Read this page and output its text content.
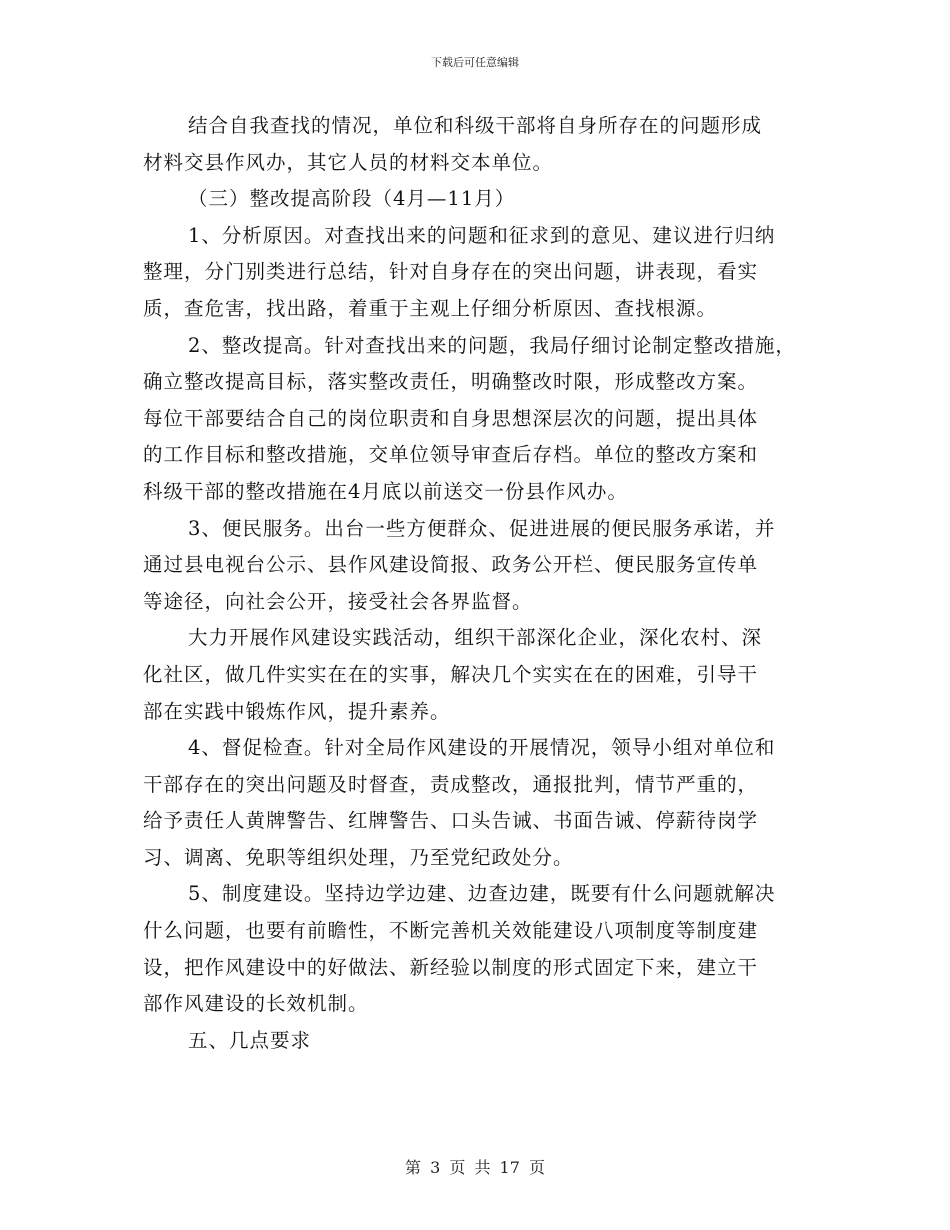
下载后可任意编辑
结合自我查找的情况，单位和科级干部将自身所存在的问题形成
材料交县作风办，其它人员的材料交本单位。
（三）整改提高阶段（4月—11月）
1、分析原因。对查找出来的问题和征求到的意见、建议进行归纳
整理，分门别类进行总结，针对自身存在的突出问题，讲表现，看实
质，查危害，找出路，着重于主观上仔细分析原因、查找根源。
2、整改提高。针对查找出来的问题，我局仔细讨论制定整改措施，
确立整改提高目标，落实整改责任，明确整改时限，形成整改方案。
每位干部要结合自己的岗位职责和自身思想深层次的问题，提出具体
的工作目标和整改措施，交单位领导审查后存档。单位的整改方案和
科级干部的整改措施在4月底以前送交一份县作风办。
3、便民服务。出台一些方便群众、促进进展的便民服务承诺，并
通过县电视台公示、县作风建设简报、政务公开栏、便民服务宣传单
等途径，向社会公开，接受社会各界监督。
大力开展作风建设实践活动，组织干部深化企业，深化农村、深
化社区，做几件实实在在的实事，解决几个实实在在的困难，引导干
部在实践中锻炼作风，提升素养。
4、督促检查。针对全局作风建设的开展情况，领导小组对单位和
干部存在的突出问题及时督查，责成整改，通报批判，情节严重的，
给予责任人黄牌警告、红牌警告、口头告诫、书面告诫、停薪待岗学
习、调离、免职等组织处理，乃至党纪政处分。
5、制度建设。坚持边学边建、边查边建，既要有什么问题就解决
什么问题，也要有前瞻性，不断完善机关效能建设八项制度等制度建
设，把作风建设中的好做法、新经验以制度的形式固定下来，建立干
部作风建设的长效机制。
五、几点要求
第 3 页 共 17 页
